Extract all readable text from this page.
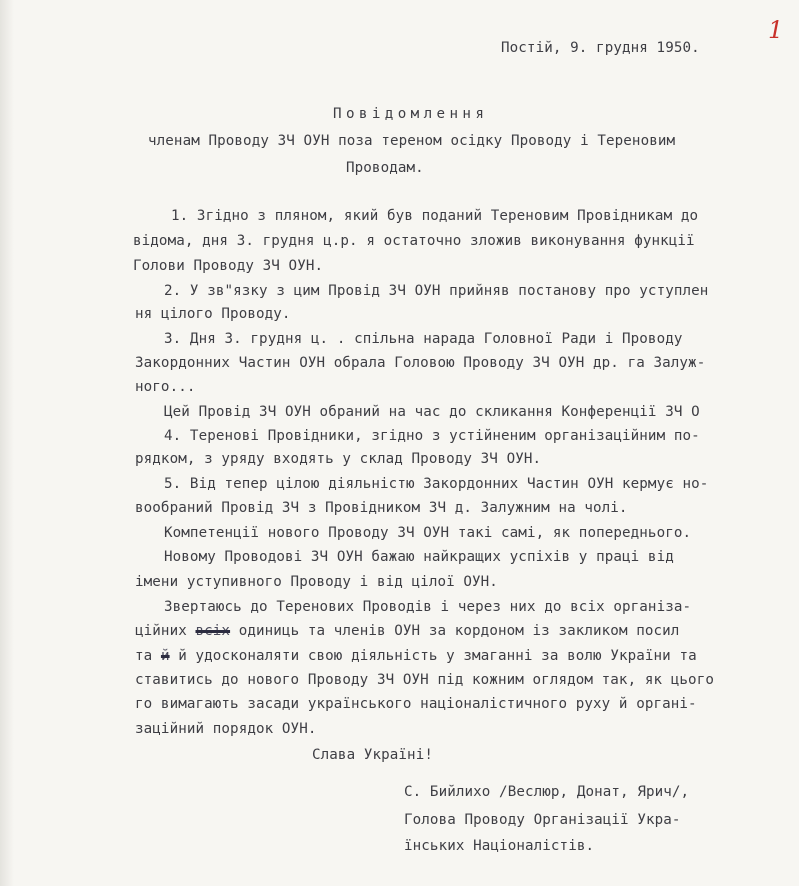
1
Постій, 9. грудня 1950.
Повідомлення
членам Проводу ЗЧ ОУН поза тереном осідку Проводу і Тереновим
Проводам.
1. Згідно з пляном, який був поданий Тереновим Провідникам до
відома, дня 3. грудня ц.р. я остаточно зложив виконування функції
Голови Проводу ЗЧ ОУН.
2. У зв"язку з цим Провід ЗЧ ОУН прийняв постанову про уступлен
ня цілого Проводу.
3. Дня 3. грудня ц. . спільна нарада Головної Ради і Проводу
Закордонних Частин ОУН обрала Головою Проводу ЗЧ ОУН др. га Залуж-
ного...
Цей Провід ЗЧ ОУН обраний на час до скликання Конференції ЗЧ О
4. Теренові Провідники, згідно з устійненим організаційним по-
рядком, з уряду входять у склад Проводу ЗЧ ОУН.
5. Від тепер цілою діяльністю Закордонних Частин ОУН кермує но-
вообраний Провід ЗЧ з Провідником ЗЧ д. Залужним на чолі.
Компетенції нового Проводу ЗЧ ОУН такі самі, як попереднього.
Новому Проводові ЗЧ ОУН бажаю найкращих успіхів у праці від
імени уступивного Проводу і від цілої ОУН.
Звертаюсь до Теренових Проводів і через них до всіх організа-
ційних всіх одиниць та членів ОУН за кордоном із закликом посил
та й й удосконаляти свою діяльність у змаганні за волю України та
ставитись до нового Проводу ЗЧ ОУН під кожним оглядом так, як цього
го вимагають засади українського націоналістичного руху й органі-
заційний порядок ОУН.
Слава Україні!
С. Бийлихо /Веслюр, Донат, Ярич/,
Голова Проводу Організації Укра-
їнських Націоналістів.
